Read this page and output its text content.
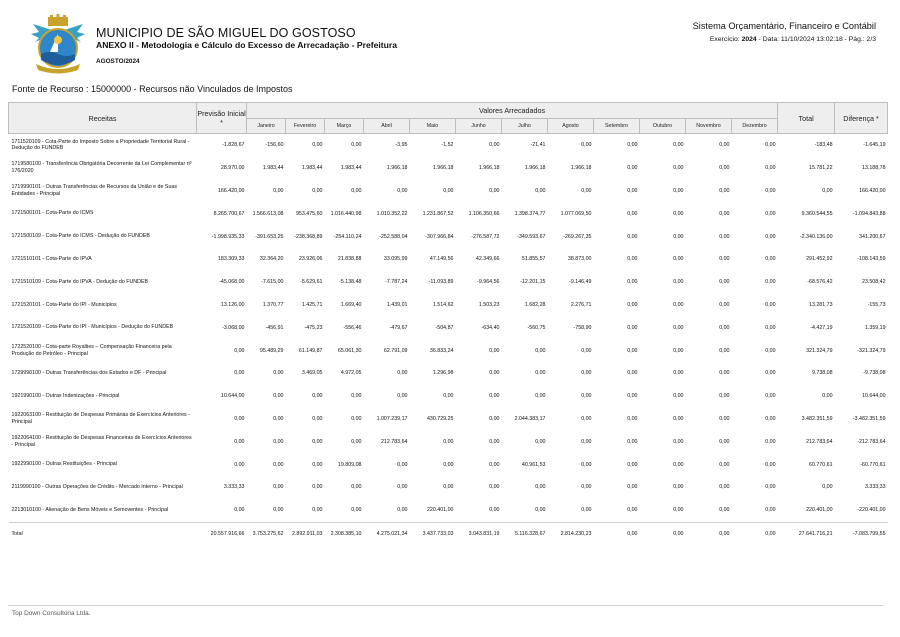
MUNICIPIO DE SÃO MIGUEL DO GOSTOSO
ANEXO II - Metodologia e Cálculo do Excesso de Arrecadação - Prefeitura
AGOSTO/2024
Sistema Orçamentário, Financeiro e Contábil
Exercício: 2024 - Data: 11/10/2024 13:02:18 - Pág.: 2/3
Fonte de Recurso : 15000000 - Recursos não Vinculados de Impostos
Receitas	Previsão Inicial *	Valores Arrecadados												Total	Diferença *
		Janeiro	Fevereiro	Março	Abril	Maio	Junho	Julho	Agosto	Setembro	Outubro	Novembro	Dezembro		
1711520109 - Cota-Parte do Imposto Sobre a Propriedade Territorial Rural - Dedução do FUNDEB	-1.828,67	-156,60	0,00	0,00	-3,95	-1,52	0,00	-21,41	0,00	0,00	0,00	0,00	0,00	-183,48	-1.645,19
1719580100 - Transferência Obrigatória Decorrente da Lei Complementar nº 176/2020	28.970,00	1.983,44	1.983,44	1.983,44	1.966,18	1.966,18	1.966,18	1.966,18	1.966,18	0,00	0,00	0,00	0,00	15.781,22	13.188,78
1719990101 - Outras Transferências de Recursos da União e de Suas Entidades - Principal	166.420,00	0,00	0,00	0,00	0,00	0,00	0,00	0,00	0,00	0,00	0,00	0,00	0,00	0,00	166.420,00
1721500101 - Cota-Parte do ICMS	8.265.700,67	1.566.613,08	953.475,60	1.016.440,98	1.010.352,22	1.231.867,52	1.106.350,66	1.398.374,77	1.077.069,50	0,00	0,00	0,00	0,00	9.360.544,55	-1.094.843,88
1721500109 - Cota-Parte do ICMS - Dedução do FUNDEB	-1.998.935,33	-391.653,25	-238.368,89	-254.110,24	-252.588,04	-307.966,84	-276.587,72	-349.593,67	-269.267,35	0,00	0,00	0,00	0,00	-2.340.136,00	341.200,67
1721510101 - Cota-Parte do IPVA	183.309,33	32.364,20	23.926,06	21.838,88	33.095,99	47.149,56	42.349,66	51.855,57	38.873,00	0,00	0,00	0,00	0,00	291.452,92	-108.143,59
1721510109 - Cota-Parte do IPVA - Dedução do FUNDEB	-45.068,00	-7.615,00	-5.629,61	-5.138,48	-7.787,24	-11.093,89	-9.964,56	-12.201,15	-9.146,49	0,00	0,00	0,00	0,00	-68.576,42	23.508,42
1721520101 - Cota-Parte do IPI - Municípios	13.126,00	1.370,77	1.425,71	1.669,40	1.439,01	1.514,62	1.503,23	1.682,28	2.276,71	0,00	0,00	0,00	0,00	13.281,73	-155,73
1721520109 - Cota-Parte do IPI - Municípios - Dedução do FUNDEB	-3.068,00	-456,91	-475,23	-556,46	-479,67	-504,87	-634,40	-560,75	-758,90	0,00	0,00	0,00	0,00	-4.427,19	1.359,19
1722520100 - Cota-parte Royalties – Compensação Financeira pela Produção do Petróleo - Principal	0,00	95.489,29	61.149,87	65.061,30	62.791,09	36.833,24	0,00	0,00	0,00	0,00	0,00	0,00	0,00	321.324,79	-321.324,79
1729990100 - Outras Transferências dos Estados e DF - Principal	0,00	0,00	3.469,05	4.972,05	0,00	1.296,98	0,00	0,00	0,00	0,00	0,00	0,00	0,00	9.738,08	-9.738,08
1921990100 - Outras Indenizações - Principal	10.644,00	0,00	0,00	0,00	0,00	0,00	0,00	0,00	0,00	0,00	0,00	0,00	0,00	0,00	10.644,00
1922063100 - Restituição de Despesas Primárias de Exercícios Anteriores - Principal	0,00	0,00	0,00	0,00	1.007.239,17	430.729,25	0,00	2.044.383,17	0,00	0,00	0,00	0,00	0,00	3.482.351,59	-3.482.351,59
1922064100 - Restituição de Despesas Financeiras de Exercícios Anteriores - Principal	0,00	0,00	0,00	0,00	212.783,64	0,00	0,00	0,00	0,00	0,00	0,00	0,00	0,00	212.783,64	-212.783,64
1922990100 - Outras Restituições - Principal	0,00	0,00	0,00	19.809,08	0,00	0,00	0,00	40.961,53	0,00	0,00	0,00	0,00	0,00	60.770,61	-60.770,61
2119990100 - Outras Operações de Crédito - Mercado Interno - Principal	3.333,33	0,00	0,00	0,00	0,00	0,00	0,00	0,00	0,00	0,00	0,00	0,00	0,00	0,00	3.333,33
2213010100 - Alienação de Bens Móveis e Semoventes - Principal	0,00	0,00	0,00	0,00	0,00	220.401,00	0,00	0,00	0,00	0,00	0,00	0,00	0,00	220.401,00	-220.401,00
Total	20.557.916,66	3.753.275,62	2.892.911,03	2.308.385,10	4.275.021,34	3.437.733,03	3.043.831,19	5.116.328,67	2.814.230,23	0,00	0,00	0,00	0,00	27.641.716,21	-7.083.799,55
Top Down Consultoria Ltda.
